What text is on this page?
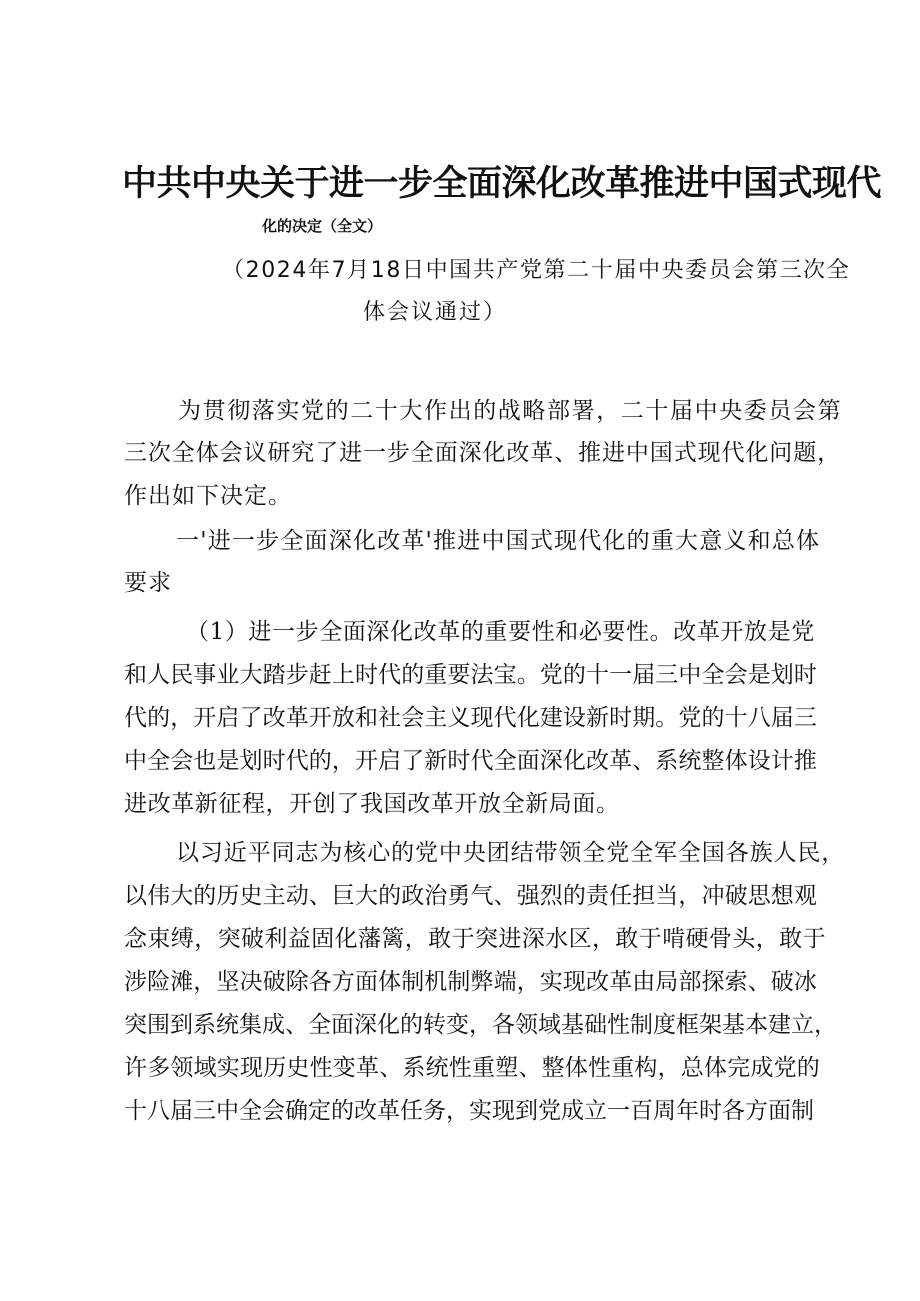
中共中央关于进一步全面深化改革推进中国式现代
化的决定（全文）
（2024年7月18日中国共产党第二十届中央委员会第三次全
体会议通过）
为贯彻落实党的二十大作出的战略部署，二十届中央委员会第
三次全体会议研究了进一步全面深化改革、推进中国式现代化问题，
作出如下决定。
一'进一步全面深化改革'推进中国式现代化的重大意义和总体
要求
（1）进一步全面深化改革的重要性和必要性。改革开放是党
和人民事业大踏步赶上时代的重要法宝。党的十一届三中全会是划时
代的，开启了改革开放和社会主义现代化建设新时期。党的十八届三
中全会也是划时代的，开启了新时代全面深化改革、系统整体设计推
进改革新征程，开创了我国改革开放全新局面。
以习近平同志为核心的党中央团结带领全党全军全国各族人民，
以伟大的历史主动、巨大的政治勇气、强烈的责任担当，冲破思想观
念束缚，突破利益固化藩篱，敢于突进深水区，敢于啃硬骨头，敢于
涉险滩，坚决破除各方面体制机制弊端，实现改革由局部探索、破冰
突围到系统集成、全面深化的转变，各领域基础性制度框架基本建立，
许多领域实现历史性变革、系统性重塑、整体性重构，总体完成党的
十八届三中全会确定的改革任务，实现到党成立一百周年时各方面制
